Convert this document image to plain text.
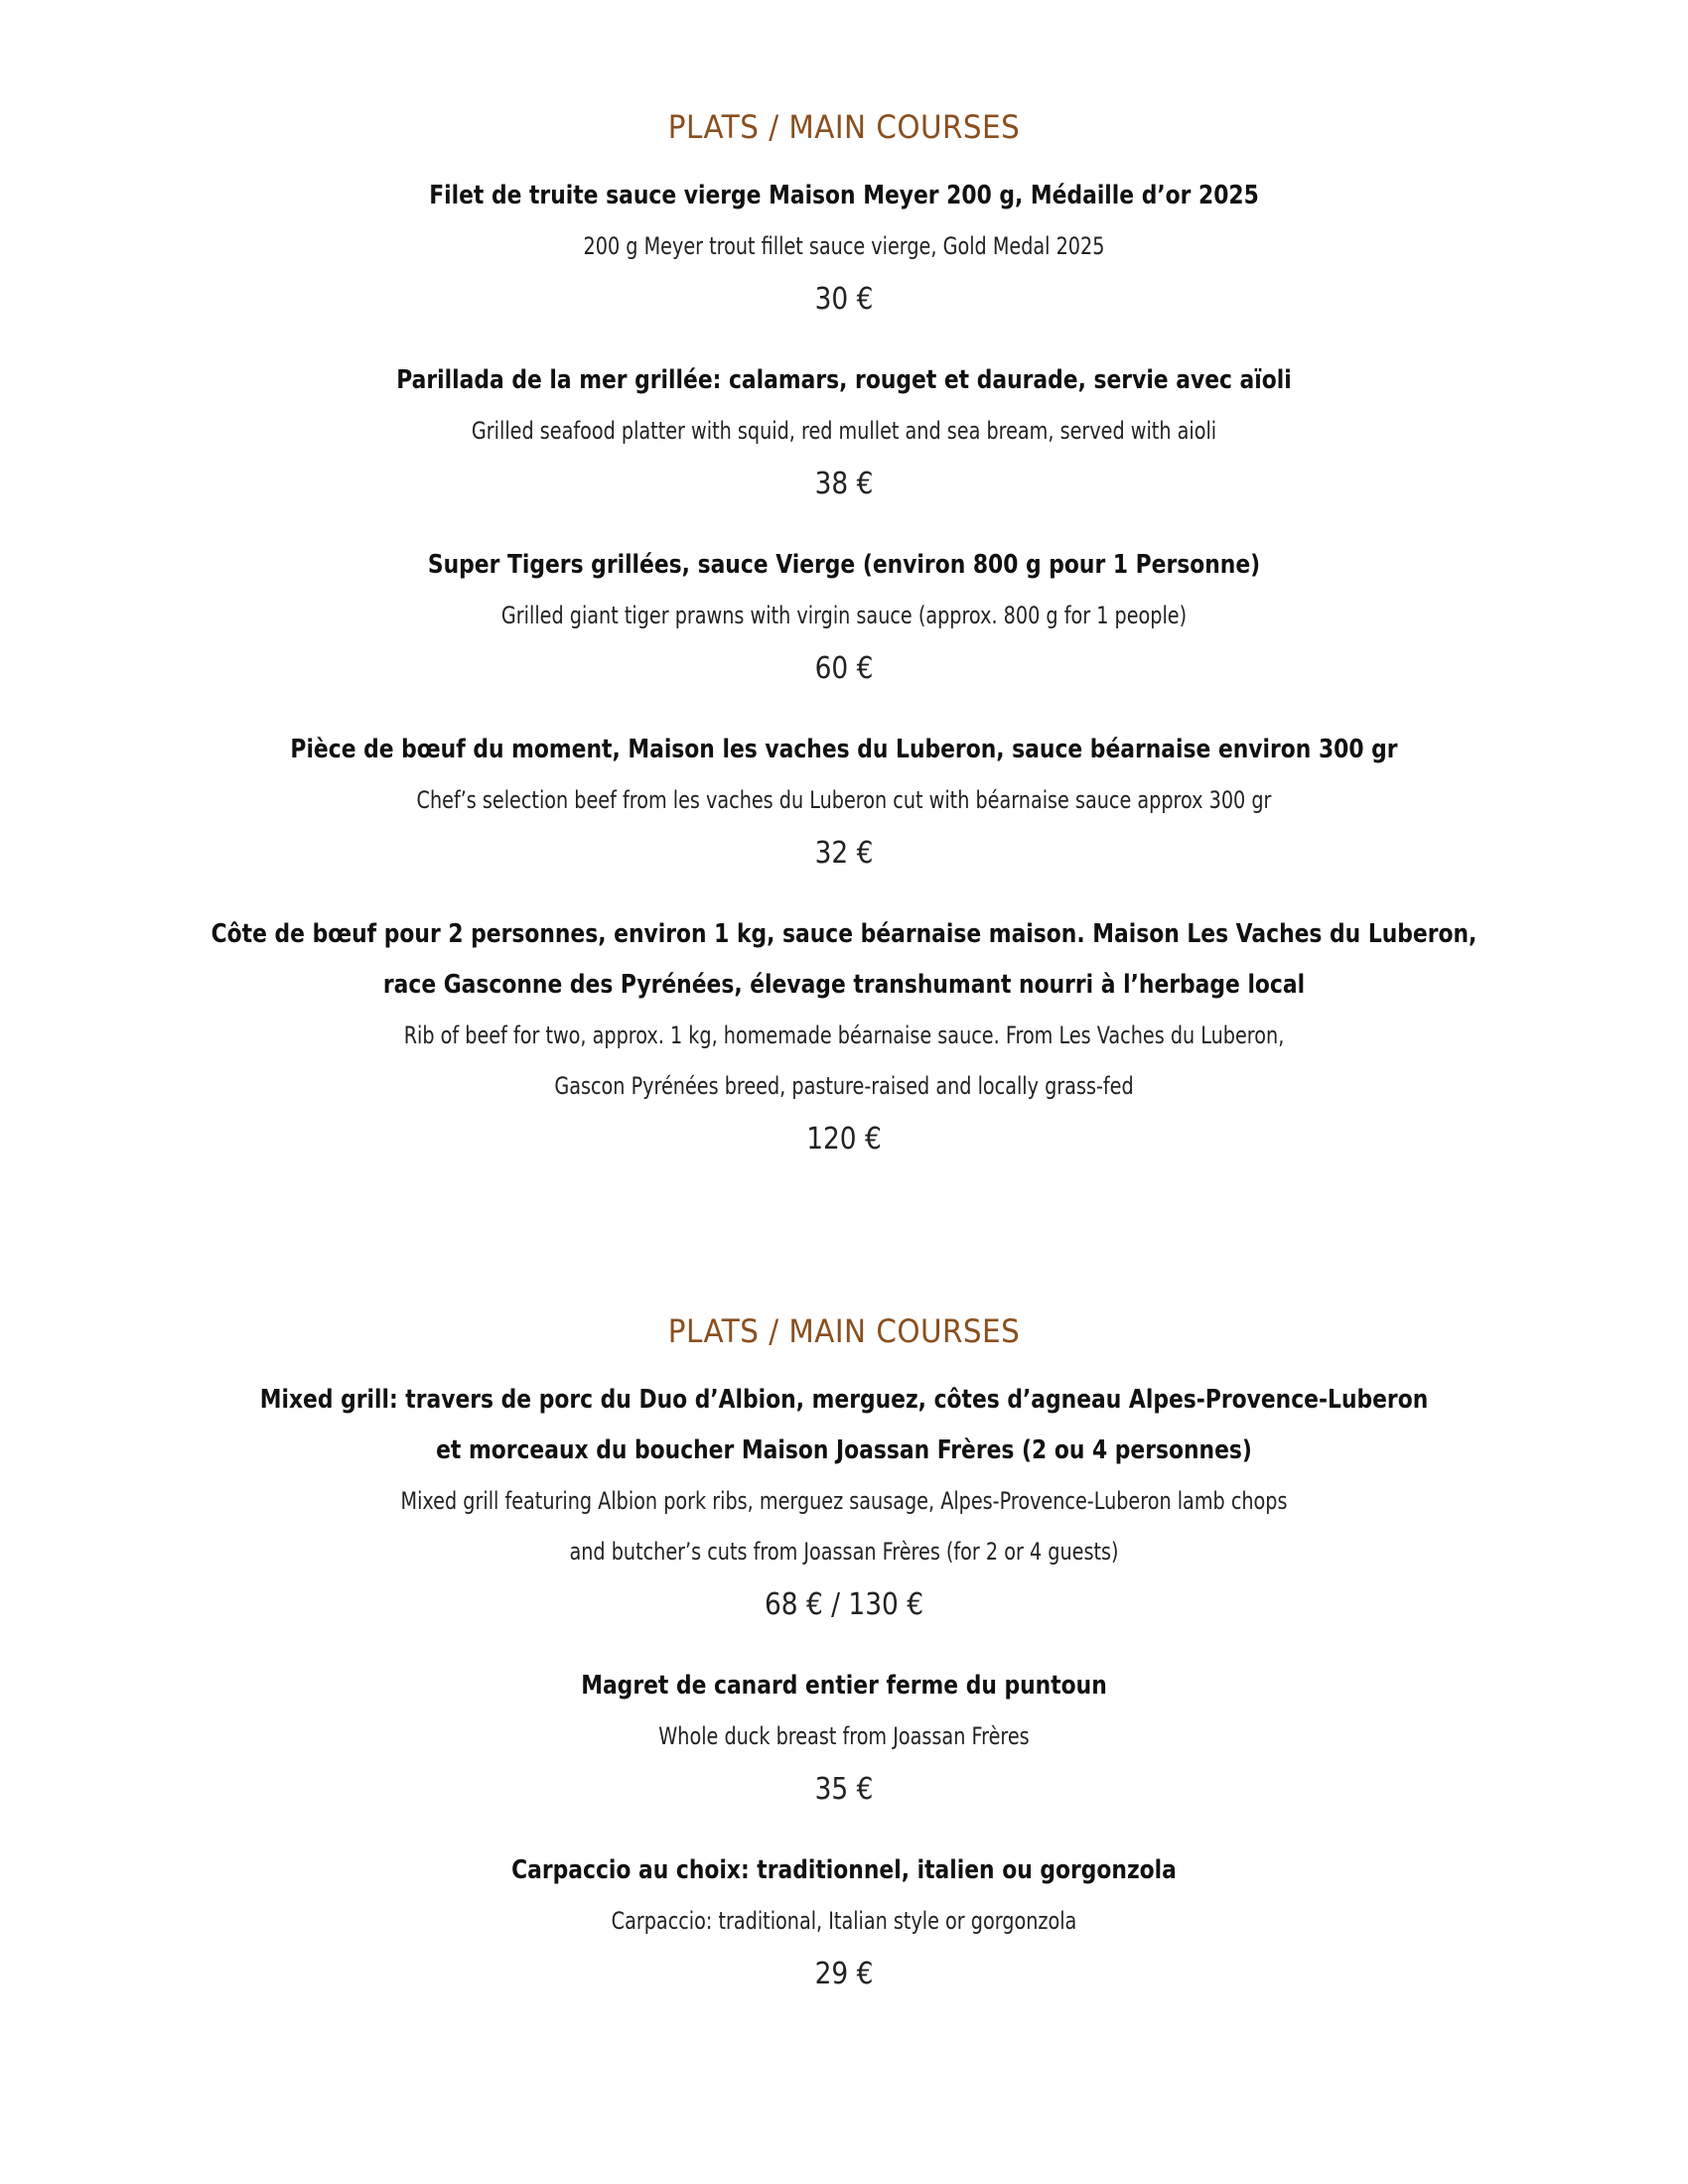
PLATS / MAIN COURSES
Filet de truite sauce vierge Maison Meyer 200 g, Médaille d’or 2025
200 g Meyer trout fillet sauce vierge, Gold Medal 2025
30 €
Parillada de la mer grillée: calamars, rouget et daurade, servie avec aïoli
Grilled seafood platter with squid, red mullet and sea bream, served with aioli
38 €
Super Tigers grillées, sauce Vierge (environ 800 g pour 1 Personne)
Grilled giant tiger prawns with virgin sauce (approx. 800 g for 1 people)
60 €
Pièce de bœuf du moment, Maison les vaches du Luberon, sauce béarnaise environ 300 gr
Chef’s selection beef from les vaches du Luberon cut with béarnaise sauce approx 300 gr
32 €
Côte de bœuf pour 2 personnes, environ 1 kg, sauce béarnaise maison. Maison Les Vaches du Luberon,
race Gasconne des Pyrénées, élevage transhumant nourri à l’herbage local
Rib of beef for two, approx. 1 kg, homemade béarnaise sauce. From Les Vaches du Luberon,
Gascon Pyrénées breed, pasture-raised and locally grass-fed
120 €
PLATS / MAIN COURSES
Mixed grill: travers de porc du Duo d’Albion, merguez, côtes d’agneau Alpes-Provence-Luberon
et morceaux du boucher Maison Joassan Frères (2 ou 4 personnes)
Mixed grill featuring Albion pork ribs, merguez sausage, Alpes-Provence-Luberon lamb chops
and butcher’s cuts from Joassan Frères (for 2 or 4 guests)
68 € / 130 €
Magret de canard entier ferme du puntoun
Whole duck breast from Joassan Frères
35 €
Carpaccio au choix: traditionnel, italien ou gorgonzola
Carpaccio: traditional, Italian style or gorgonzola
29 €
